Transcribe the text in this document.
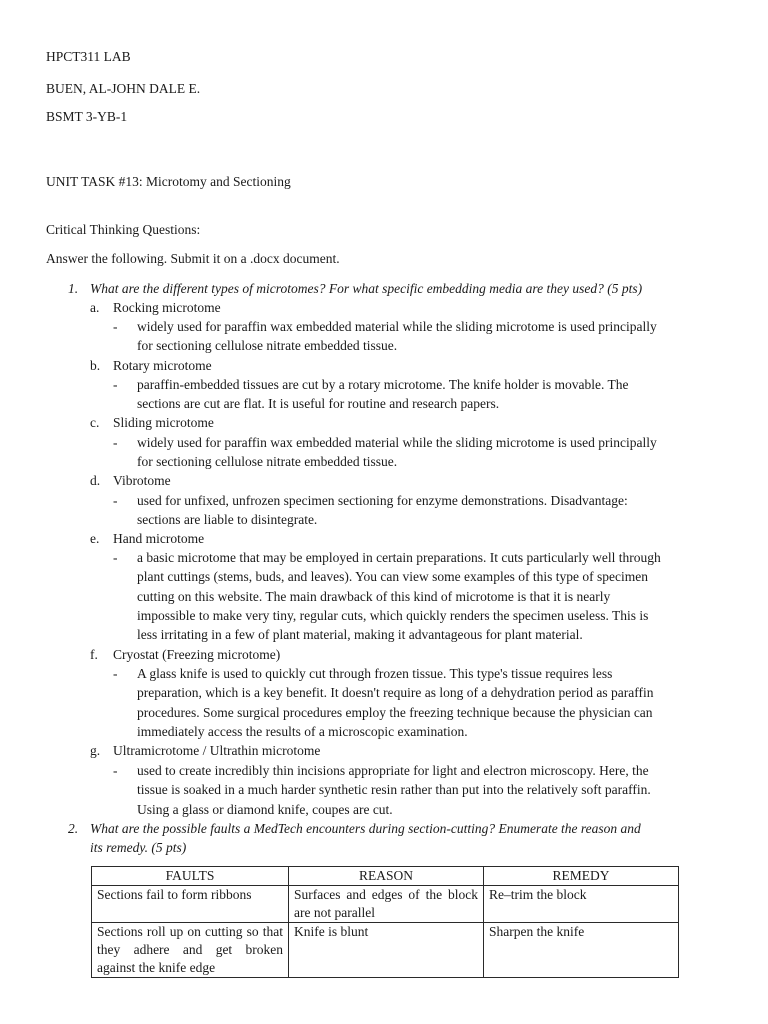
HPCT311 LAB
BUEN, AL-JOHN DALE E.
BSMT 3-YB-1
UNIT TASK #13: Microtomy and Sectioning
Critical Thinking Questions:
Answer the following. Submit it on a .docx document.
1. What are the different types of microtomes? For what specific embedding media are they used? (5 pts)
a. Rocking microtome
- widely used for paraffin wax embedded material while the sliding microtome is used principally
for sectioning cellulose nitrate embedded tissue.
b. Rotary microtome
- paraffin-embedded tissues are cut by a rotary microtome. The knife holder is movable. The
sections are cut are flat. It is useful for routine and research papers.
c. Sliding microtome
- widely used for paraffin wax embedded material while the sliding microtome is used principally
for sectioning cellulose nitrate embedded tissue.
d. Vibrotome
- used for unfixed, unfrozen specimen sectioning for enzyme demonstrations. Disadvantage:
sections are liable to disintegrate.
e. Hand microtome
- a basic microtome that may be employed in certain preparations. It cuts particularly well through
plant cuttings (stems, buds, and leaves). You can view some examples of this type of specimen
cutting on this website. The main drawback of this kind of microtome is that it is nearly
impossible to make very tiny, regular cuts, which quickly renders the specimen useless. This is
less irritating in a few of plant material, making it advantageous for plant material.
f. Cryostat (Freezing microtome)
- A glass knife is used to quickly cut through frozen tissue. This type's tissue requires less
preparation, which is a key benefit. It doesn't require as long of a dehydration period as paraffin
procedures. Some surgical procedures employ the freezing technique because the physician can
immediately access the results of a microscopic examination.
g. Ultramicrotome / Ultrathin microtome
- used to create incredibly thin incisions appropriate for light and electron microscopy. Here, the
tissue is soaked in a much harder synthetic resin rather than put into the relatively soft paraffin.
Using a glass or diamond knife, coupes are cut.
2. What are the possible faults a MedTech encounters during section-cutting? Enumerate the reason and
its remedy. (5 pts)
FAULTS	REASON	REMEDY
Sections fail to form ribbons	Surfaces and edges of the block are not parallel	Re–trim the block
Sections roll up on cutting so that they adhere and get broken against the knife edge	Knife is blunt	Sharpen the knife
